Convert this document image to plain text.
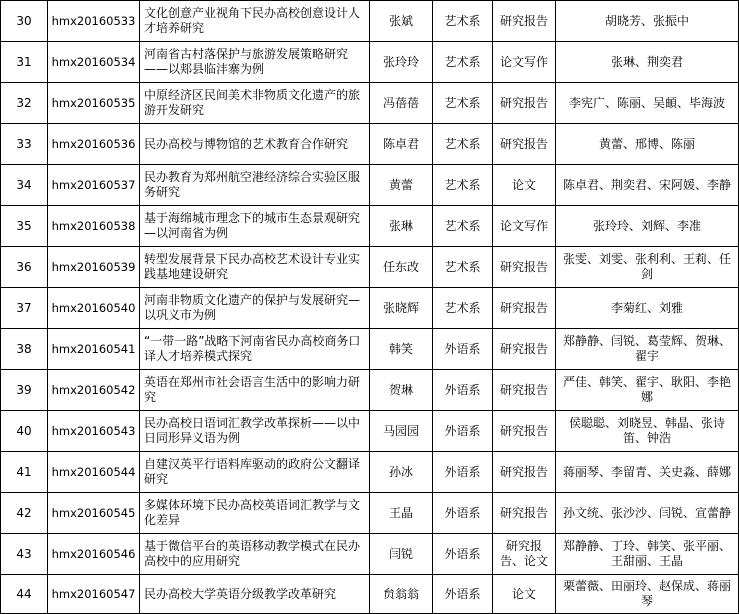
30	hmx20160533	文化创意产业视角下民办高校创意设计人才培养研究	张斌	艺术系	研究报告	胡晓芳、张振中
31	hmx20160534	河南省古村落保护与旅游发展策略研究——以郏县临沣寨为例	张玲玲	艺术系	论文写作	张琳、荆奕君
32	hmx20160535	中原经济区民间美术非物质文化遗产的旅游开发研究	冯蓓蓓	艺术系	研究报告	李宪广、陈丽、吴頔、毕海波
33	hmx20160536	民办高校与博物馆的艺术教育合作研究	陈卓君	艺术系	研究报告	黄蕾、邢博、陈丽
34	hmx20160537	民办教育为郑州航空港经济综合实验区服务研究	黄蕾	艺术系	论文	陈卓君、荆奕君、宋阿媛、李静
35	hmx20160538	基于海绵城市理念下的城市生态景观研究—以河南省为例	张琳	艺术系	论文写作	张玲玲、刘辉、李准
36	hmx20160539	转型发展背景下民办高校艺术设计专业实践基地建设研究	任东改	艺术系	研究报告	张雯、刘雯、张利利、王莉、任剑
37	hmx20160540	河南非物质文化遗产的保护与发展研究—以巩义市为例	张晓辉	艺术系	研究报告	李菊红、刘雅
38	hmx20160541	“一带一路”战略下河南省民办高校商务口译人才培养模式探究	韩笑	外语系	研究报告	郑静静、闫锐、葛莹辉、贺琳、翟宇
39	hmx20160542	英语在郑州市社会语言生活中的影响力研究	贺琳	外语系	研究报告	严佳、韩笑、翟宇、耿阳、李艳娜
40	hmx20160543	民办高校日语词汇教学改革探析——以中日同形异义语为例	马园园	外语系	研究报告	侯聪聪、刘晓昱、韩晶、张诗笛、钟浩
41	hmx20160544	自建汉英平行语料库驱动的政府公文翻译研究	孙冰	外语系	研究报告	蒋丽琴、李留青、关史淼、薛娜
42	hmx20160545	多媒体环境下民办高校英语词汇教学与文化差异	王晶	外语系	研究报告	孙文统、张沙沙、闫锐、宣蕾静
43	hmx20160546	基于微信平台的英语移动教学模式在民办高校中的应用研究	闫锐	外语系	研究报告、论文	郑静静、丁玲、韩笑、张平丽、王甜丽、王晶
44	hmx20160547	民办高校大学英语分级教学改革研究	贠翁翁	外语系	论文	栗蕾薇、田丽玲、赵保成、蒋丽琴
